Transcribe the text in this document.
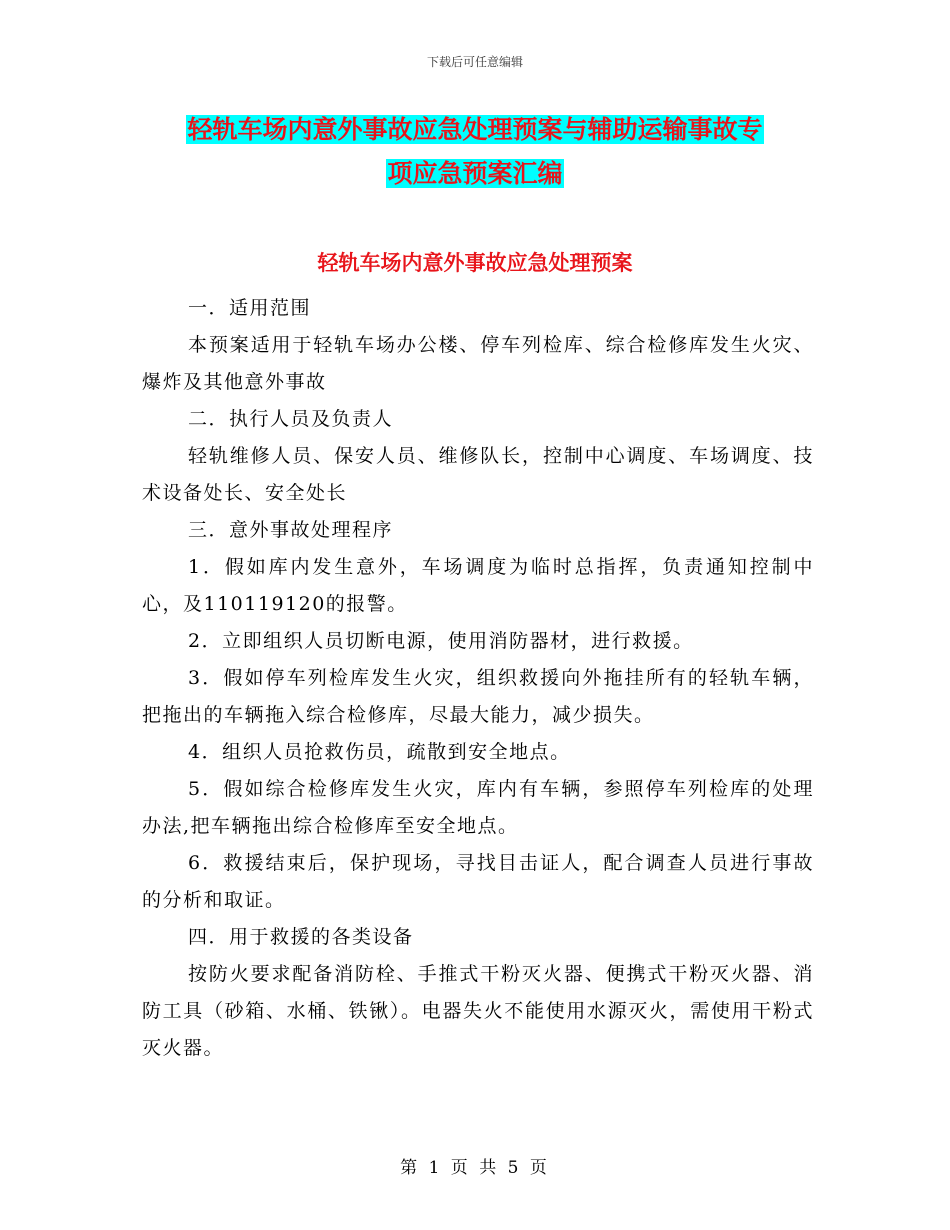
下载后可任意编辑
轻轨车场内意外事故应急处理预案与辅助运输事故专
项应急预案汇编
轻轨车场内意外事故应急处理预案

一．适用范围

本预案适用于轻轨车场办公楼、停车列检库、综合检修库发生火灾、爆炸及其他意外事故

二．执行人员及负责人

轻轨维修人员、保安人员、维修队长，控制中心调度、车场调度、技术设备处长、安全处长

三．意外事故处理程序

1．假如库内发生意外，车场调度为临时总指挥，负责通知控制中心，及110119120的报警。

2．立即组织人员切断电源，使用消防器材，进行救援。

3．假如停车列检库发生火灾，组织救援向外拖挂所有的轻轨车辆，把拖出的车辆拖入综合检修库，尽最大能力，减少损失。

4．组织人员抢救伤员，疏散到安全地点。

5．假如综合检修库发生火灾，库内有车辆，参照停车列检库的处理办法,把车辆拖出综合检修库至安全地点。

6．救援结束后，保护现场，寻找目击证人，配合调查人员进行事故的分析和取证。

四．用于救援的各类设备

按防火要求配备消防栓、手推式干粉灭火器、便携式干粉灭火器、消防工具（砂箱、水桶、铁锹）。电器失火不能使用水源灭火，需使用干粉式灭火器。

第 1 页 共 5 页
